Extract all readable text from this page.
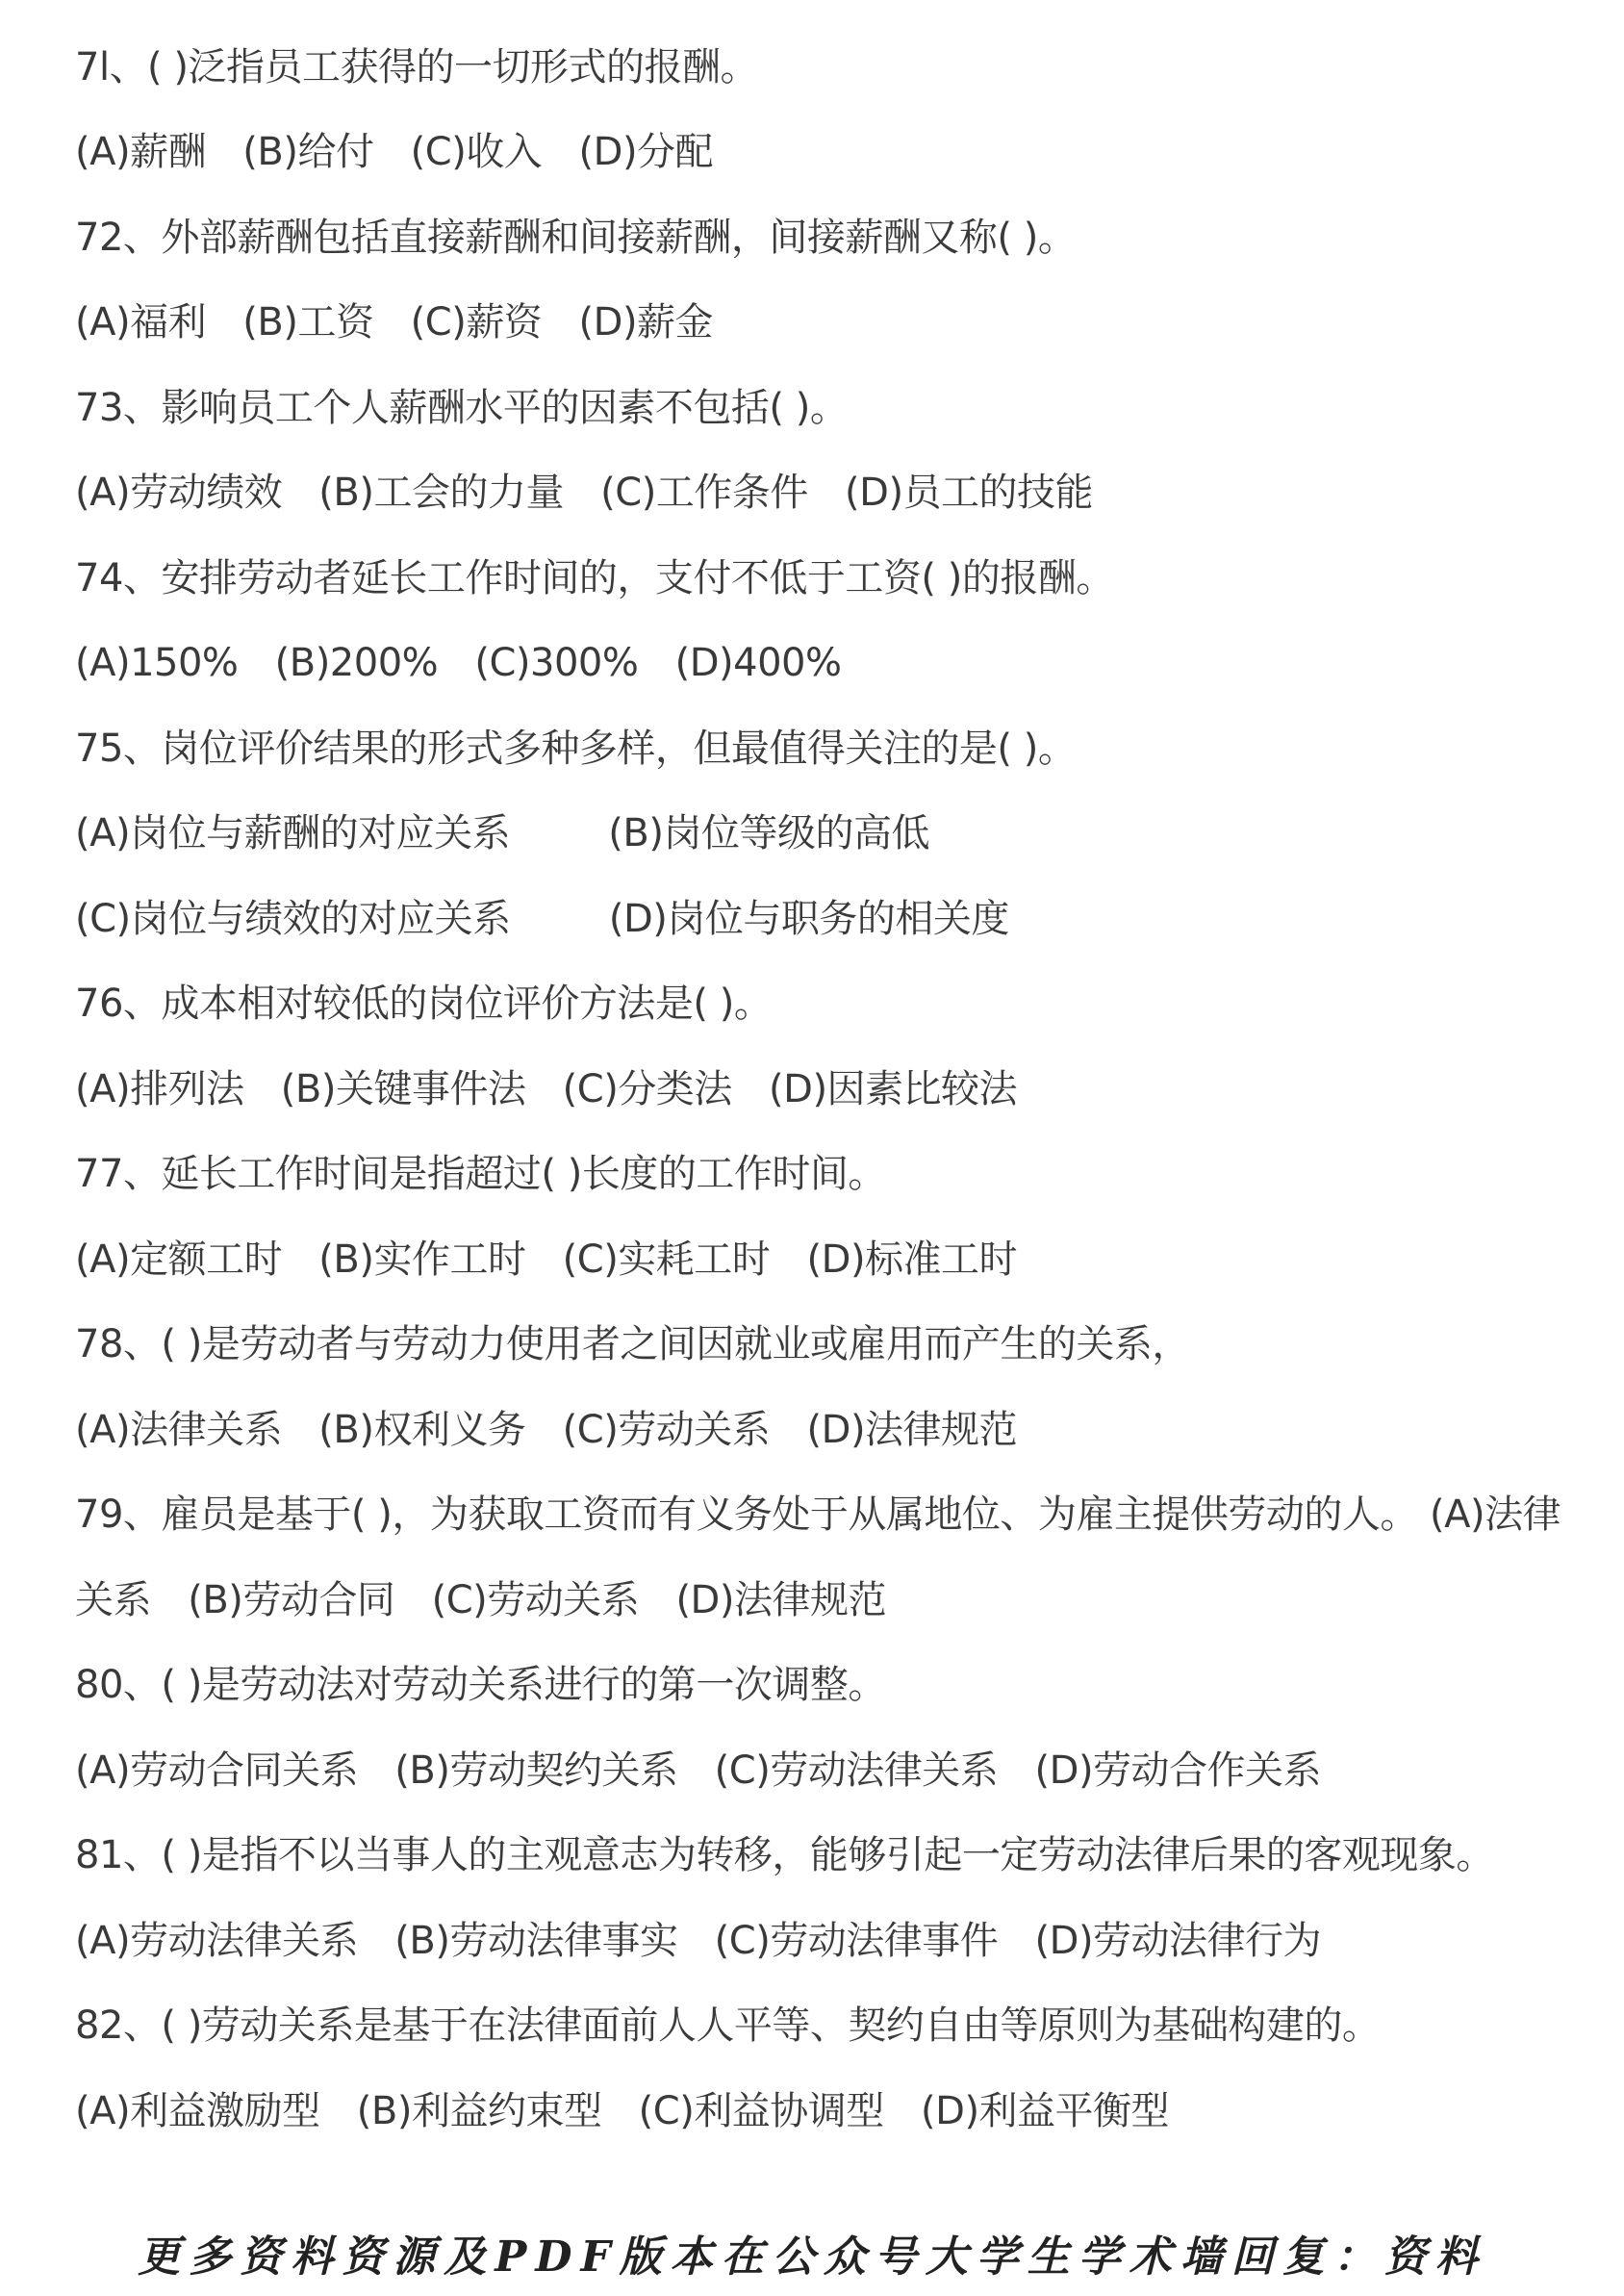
7l、( )泛指员工获得的一切形式的报酬。
(A)薪酬 (B)给付 (C)收入 (D)分配
72、外部薪酬包括直接薪酬和间接薪酬，间接薪酬又称( )。
(A)福利 (B)工资 (C)薪资 (D)薪金
73、影响员工个人薪酬水平的因素不包括( )。
(A)劳动绩效 (B)工会的力量 (C)工作条件 (D)员工的技能
74、安排劳动者延长工作时间的，支付不低于工资( )的报酬。
(A)150% (B)200% (C)300% (D)400%
75、岗位评价结果的形式多种多样，但最值得关注的是( )。
(A)岗位与薪酬的对应关系	(B)岗位等级的高低
(C)岗位与绩效的对应关系	(D)岗位与职务的相关度
76、成本相对较低的岗位评价方法是( )。
(A)排列法 (B)关键事件法 (C)分类法 (D)因素比较法
77、延长工作时间是指超过( )长度的工作时间。
(A)定额工时 (B)实作工时 (C)实耗工时 (D)标准工时
78、( )是劳动者与劳动力使用者之间因就业或雇用而产生的关系，
(A)法律关系 (B)权利义务 (C)劳动关系 (D)法律规范
79、雇员是基于( )，为获取工资而有义务处于从属地位、为雇主提供劳动的人。 (A)法律
关系 (B)劳动合同 (C)劳动关系 (D)法律规范
80、( )是劳动法对劳动关系进行的第一次调整。
(A)劳动合同关系 (B)劳动契约关系 (C)劳动法律关系 (D)劳动合作关系
81、( )是指不以当事人的主观意志为转移，能够引起一定劳动法律后果的客观现象。
(A)劳动法律关系 (B)劳动法律事实 (C)劳动法律事件 (D)劳动法律行为
82、( )劳动关系是基于在法律面前人人平等、契约自由等原则为基础构建的。
(A)利益激励型 (B)利益约束型 (C)利益协调型 (D)利益平衡型
更多资料资源及PDF版本在公众号大学生学术墙回复：资料
